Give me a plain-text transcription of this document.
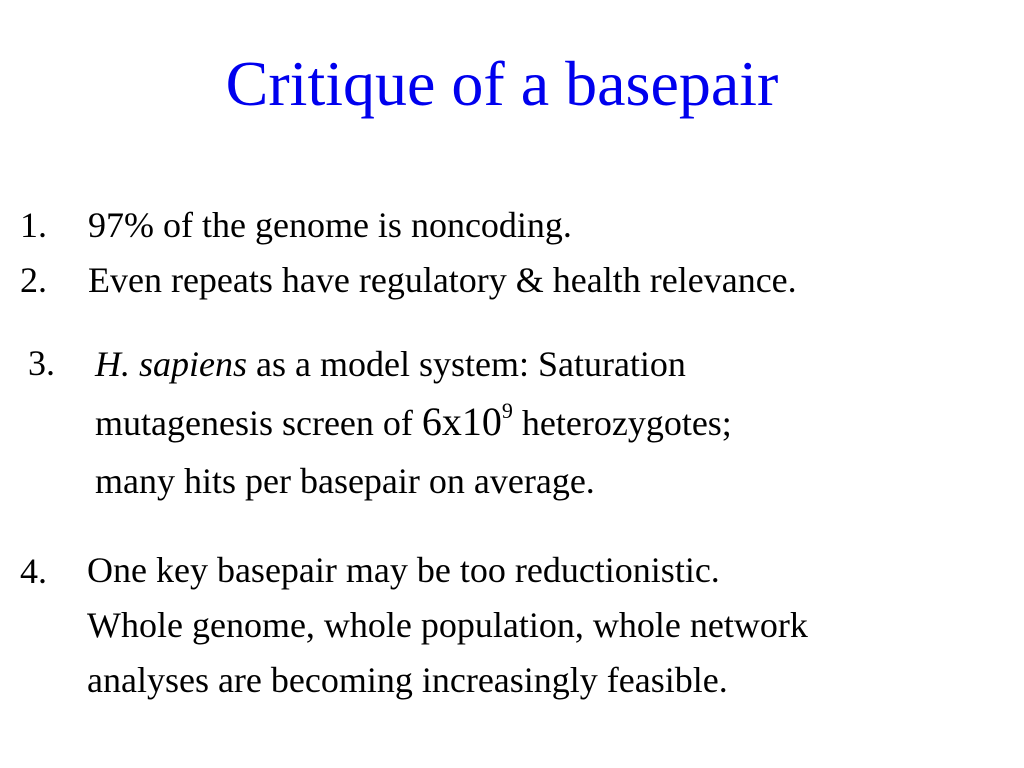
Critique of a basepair
1. 97% of the genome is noncoding.
2. Even repeats have regulatory & health relevance.
3. H. sapiens as a model system: Saturation
mutagenesis screen of $6x10^9$ heterozygotes;
many hits per basepair on average.
4. One key basepair may be too reductionistic.
Whole genome, whole population, whole network
analyses are becoming increasingly feasible.
